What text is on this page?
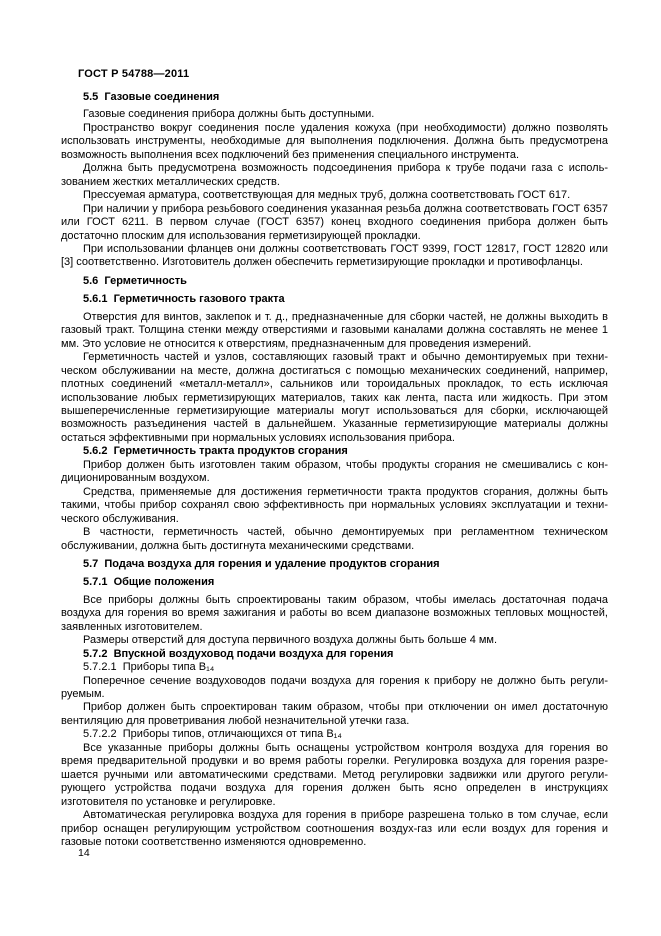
ГОСТ Р 54788—2011
5.5  Газовые соединения
Газовые соединения прибора должны быть доступными.
Пространство вокруг соединения после удаления кожуха (при необходимости) должно позволять использовать инструменты, необходимые для выполнения подключения. Должна быть предусмотрена возможность выполнения всех подключений без применения специального инструмента.
Должна быть предусмотрена возможность подсоединения прибора к трубе подачи газа с использованием жестких металлических средств.
Прессуемая арматура, соответствующая для медных труб, должна соответствовать ГОСТ 617.
При наличии у прибора резьбового соединения указанная резьба должна соответствовать ГОСТ 6357 или ГОСТ 6211. В первом случае (ГОСТ 6357) конец входного соединения прибора должен быть достаточно плоским для использования герметизирующей прокладки.
При использовании фланцев они должны соответствовать ГОСТ 9399, ГОСТ 12817, ГОСТ 12820 или [3] соответственно. Изготовитель должен обеспечить герметизирующие прокладки и противофланцы.
5.6  Герметичность
5.6.1  Герметичность газового тракта
Отверстия для винтов, заклепок и т. д., предназначенные для сборки частей, не должны выходить в газовый тракт. Толщина стенки между отверстиями и газовыми каналами должна составлять не менее 1 мм. Это условие не относится к отверстиям, предназначенным для проведения измерений.
Герметичность частей и узлов, составляющих газовый тракт и обычно демонтируемых при техническом обслуживании на месте, должна достигаться с помощью механических соединений, например, плотных соединений «металл-металл», сальников или тороидальных прокладок, то есть исключая использование любых герметизирующих материалов, таких как лента, паста или жидкость. При этом вышеперечисленные герметизирующие материалы могут использоваться для сборки, исключающей возможность разъединения частей в дальнейшем. Указанные герметизирующие материалы должны остаться эффективными при нормальных условиях использования прибора.
5.6.2  Герметичность тракта продуктов сгорания
Прибор должен быть изготовлен таким образом, чтобы продукты сгорания не смешивались с кондиционированным воздухом.
Средства, применяемые для достижения герметичности тракта продуктов сгорания, должны быть такими, чтобы прибор сохранял свою эффективность при нормальных условиях эксплуатации и технического обслуживания.
В частности, герметичность частей, обычно демонтируемых при регламентном техническом обслуживании, должна быть достигнута механическими средствами.
5.7  Подача воздуха для горения и удаление продуктов сгорания
5.7.1  Общие положения
Все приборы должны быть спроектированы таким образом, чтобы имелась достаточная подача воздуха для горения во время зажигания и работы во всем диапазоне возможных тепловых мощностей, заявленных изготовителем.
Размеры отверстий для доступа первичного воздуха должны быть больше 4 мм.
5.7.2  Впускной воздуховод подачи воздуха для горения
5.7.2.1  Приборы типа B₁₄
Поперечное сечение воздуховодов подачи воздуха для горения к прибору не должно быть регулируемым.
Прибор должен быть спроектирован таким образом, чтобы при отключении он имел достаточную вентиляцию для проветривания любой незначительной утечки газа.
5.7.2.2  Приборы типов, отличающихся от типа B₁₄
Все указанные приборы должны быть оснащены устройством контроля воздуха для горения во время предварительной продувки и во время работы горелки. Регулировка воздуха для горения разрешается ручными или автоматическими средствами. Метод регулировки задвижки или другого регулирующего устройства подачи воздуха для горения должен быть ясно определен в инструкциях изготовителя по установке и регулировке.
Автоматическая регулировка воздуха для горения в приборе разрешена только в том случае, если прибор оснащен регулирующим устройством соотношения воздух-газ или если воздух для горения и газовые потоки соответственно изменяются одновременно.
14
